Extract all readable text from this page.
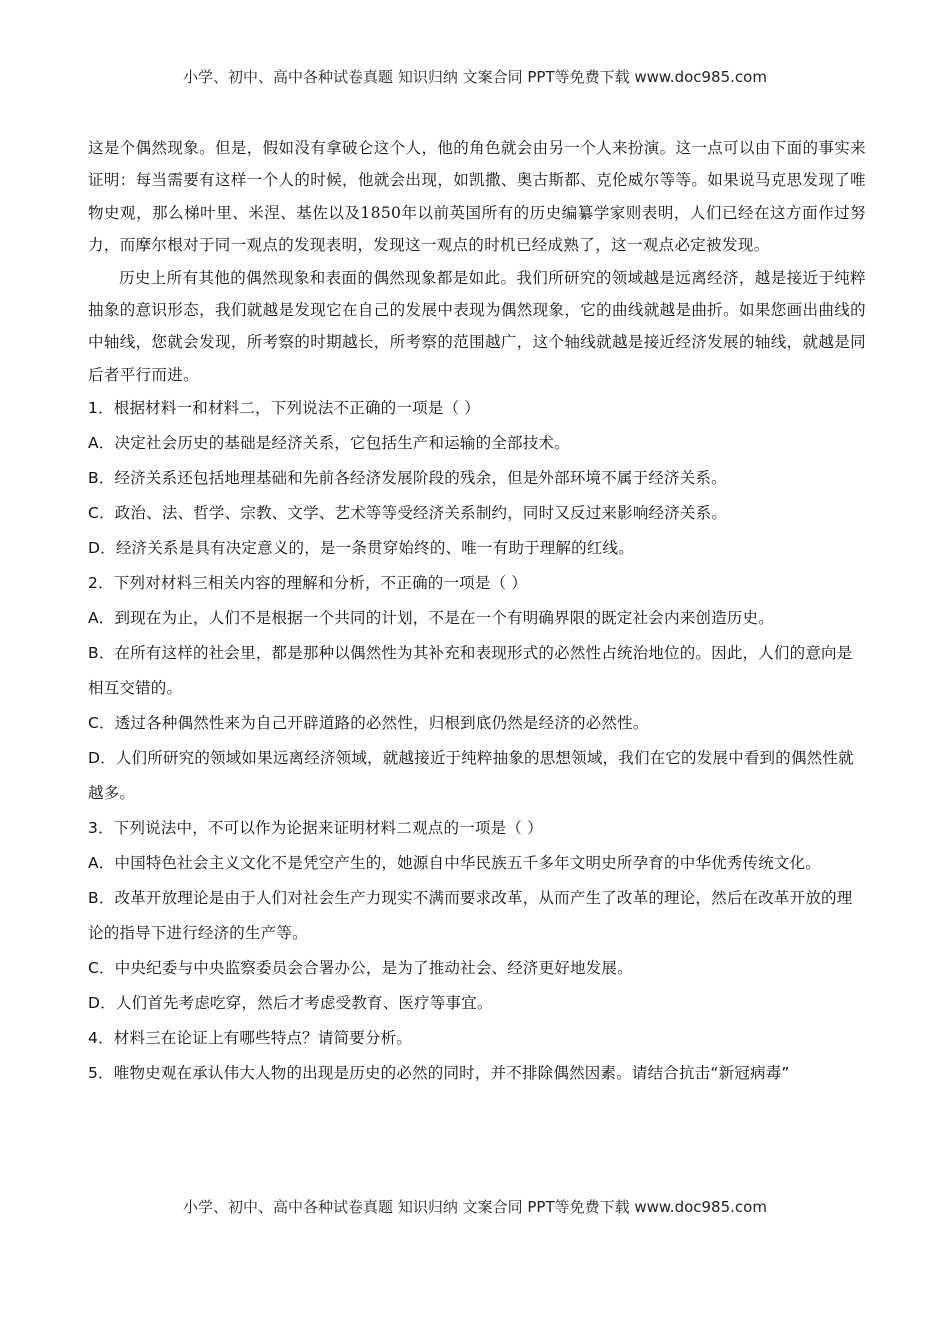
小学、初中、高中各种试卷真题 知识归纳 文案合同 PPT等免费下载 www.doc985.com

这是个偶然现象。但是，假如没有拿破仑这个人，他的角色就会由另一个人来扮演。这一点可以由下面的事实来证明：每当需要有这样一个人的时候，他就会出现，如凯撒、奥古斯都、克伦威尔等等。如果说马克思发现了唯物史观，那么梯叶里、米涅、基佐以及1850年以前英国所有的历史编纂学家则表明，人们已经在这方面作过努力，而摩尔根对于同一观点的发现表明，发现这一观点的时机已经成熟了，这一观点必定被发现。

历史上所有其他的偶然现象和表面的偶然现象都是如此。我们所研究的领域越是远离经济，越是接近于纯粹抽象的意识形态，我们就越是发现它在自己的发展中表现为偶然现象，它的曲线就越是曲折。如果您画出曲线的中轴线，您就会发现，所考察的时期越长，所考察的范围越广，这个轴线就越是接近经济发展的轴线，就越是同后者平行而进。

1．根据材料一和材料二，下列说法不正确的一项是（ ）

A．决定社会历史的基础是经济关系，它包括生产和运输的全部技术。

B．经济关系还包括地理基础和先前各经济发展阶段的残余，但是外部环境不属于经济关系。

C．政治、法、哲学、宗教、文学、艺术等等受经济关系制约，同时又反过来影响经济关系。

D．经济关系是具有决定意义的，是一条贯穿始终的、唯一有助于理解的红线。

2．下列对材料三相关内容的理解和分析，不正确的一项是（ ）

A．到现在为止，人们不是根据一个共同的计划，不是在一个有明确界限的既定社会内来创造历史。

B．在所有这样的社会里，都是那种以偶然性为其补充和表现形式的必然性占统治地位的。因此，人们的意向是相互交错的。

C．透过各种偶然性来为自己开辟道路的必然性，归根到底仍然是经济的必然性。

D．人们所研究的领域如果远离经济领域，就越接近于纯粹抽象的思想领域，我们在它的发展中看到的偶然性就越多。

3．下列说法中，不可以作为论据来证明材料二观点的一项是（ ）

A．中国特色社会主义文化不是凭空产生的，她源自中华民族五千多年文明史所孕育的中华优秀传统文化。

B．改革开放理论是由于人们对社会生产力现实不满而要求改革，从而产生了改革的理论，然后在改革开放的理论的指导下进行经济的生产等。

C．中央纪委与中央监察委员会合署办公，是为了推动社会、经济更好地发展。

D．人们首先考虑吃穿，然后才考虑受教育、医疗等事宜。

4．材料三在论证上有哪些特点？请简要分析。

5．唯物史观在承认伟大人物的出现是历史的必然的同时，并不排除偶然因素。请结合抗击“新冠病毒”

小学、初中、高中各种试卷真题 知识归纳 文案合同 PPT等免费下载 www.doc985.com
